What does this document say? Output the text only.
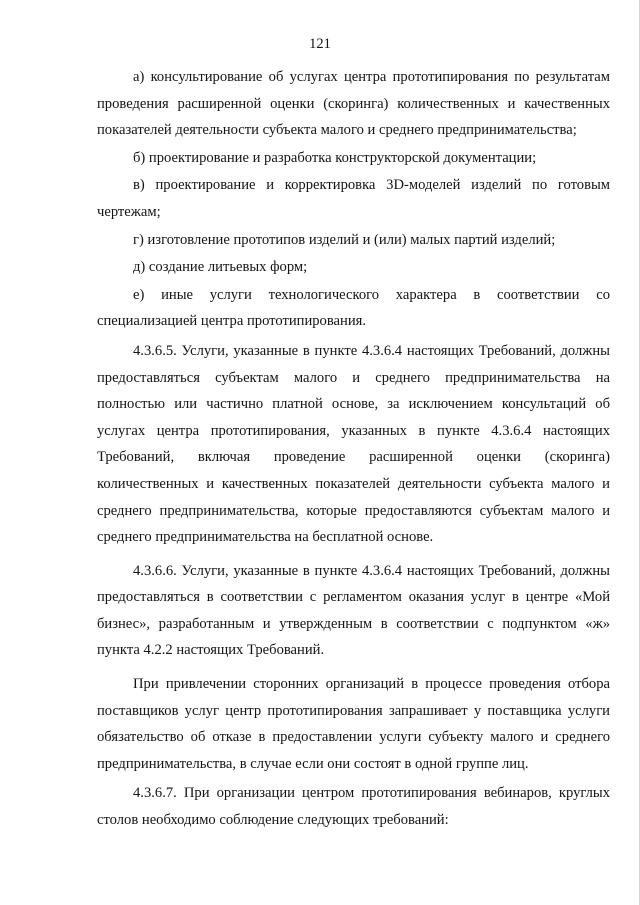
121

а) консультирование об услугах центра прототипирования по результатам проведения расширенной оценки (скоринга) количественных и качественных показателей деятельности субъекта малого и среднего предпринимательства;

б) проектирование и разработка конструкторской документации;

в) проектирование и корректировка 3D-моделей изделий по готовым чертежам;

г) изготовление прототипов изделий и (или) малых партий изделий;

д) создание литьевых форм;

е) иные услуги технологического характера в соответствии со специализацией центра прототипирования.

4.3.6.5. Услуги, указанные в пункте 4.3.6.4 настоящих Требований, должны предоставляться субъектам малого и среднего предпринимательства на полностью или частично платной основе, за исключением консультаций об услугах центра прототипирования, указанных в пункте 4.3.6.4 настоящих Требований, включая проведение расширенной оценки (скоринга) количественных и качественных показателей деятельности субъекта малого и среднего предпринимательства, которые предоставляются субъектам малого и среднего предпринимательства на бесплатной основе.

4.3.6.6. Услуги, указанные в пункте 4.3.6.4 настоящих Требований, должны предоставляться в соответствии с регламентом оказания услуг в центре «Мой бизнес», разработанным и утвержденным в соответствии с подпунктом «ж» пункта 4.2.2 настоящих Требований.

При привлечении сторонних организаций в процессе проведения отбора поставщиков услуг центр прототипирования запрашивает у поставщика услуги обязательство об отказе в предоставлении услуги субъекту малого и среднего предпринимательства, в случае если они состоят в одной группе лиц.

4.3.6.7. При организации центром прототипирования вебинаров, круглых столов необходимо соблюдение следующих требований:
